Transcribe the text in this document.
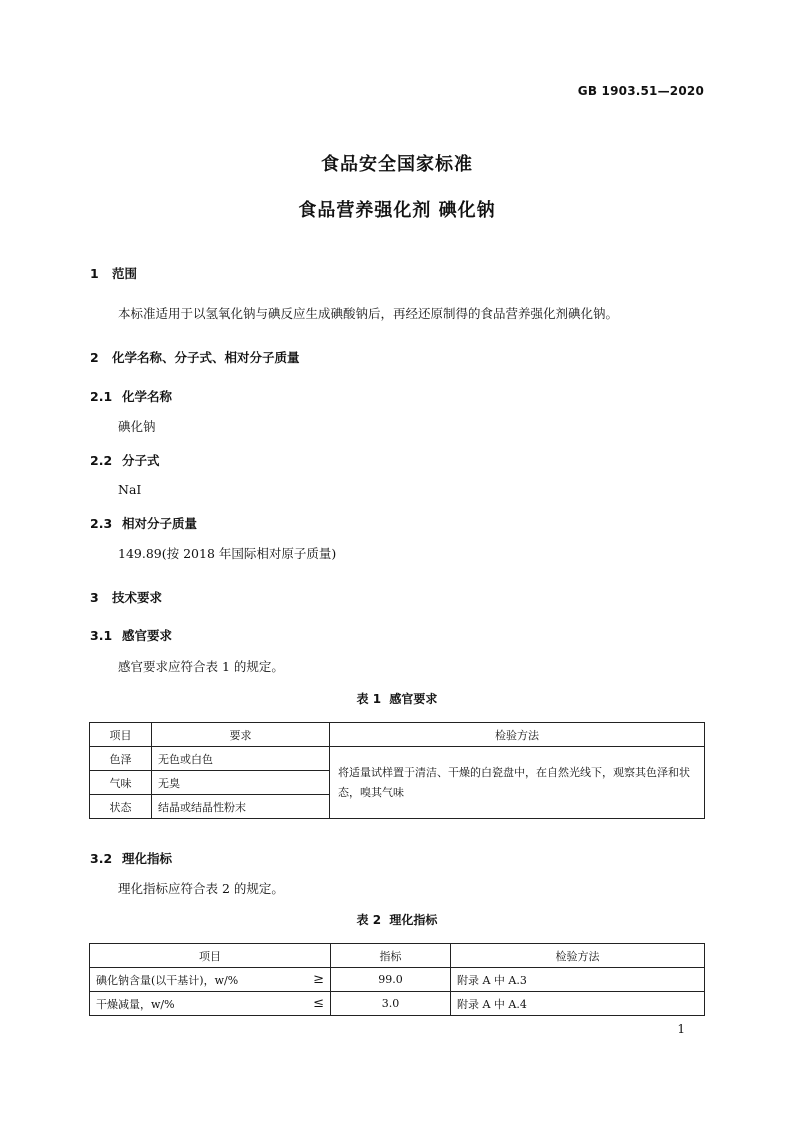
GB 1903.51—2020
食品安全国家标准
食品营养强化剂 碘化钠
1 范围
本标准适用于以氢氧化钠与碘反应生成碘酸钠后，再经还原制得的食品营养强化剂碘化钠。
2 化学名称、分子式、相对分子质量
2.1 化学名称
碘化钠
2.2 分子式
NaI
2.3 相对分子质量
149.89(按 2018 年国际相对原子质量)
3 技术要求
3.1 感官要求
感官要求应符合表 1 的规定。
表 1  感官要求
项目	要求	检验方法
色泽	无色或白色	将适量试样置于清洁、干燥的白瓷盘中，在自然光线下，观察其色泽和状态，嗅其气味
气味	无臭	
状态	结晶或结晶性粉末	
3.2 理化指标
理化指标应符合表 2 的规定。
表 2  理化指标
项目	指标	检验方法
碘化钠含量(以干基计)，w/% ≥	99.0	附录 A 中 A.3
干燥减量，w/% ≤	3.0	附录 A 中 A.4
1
